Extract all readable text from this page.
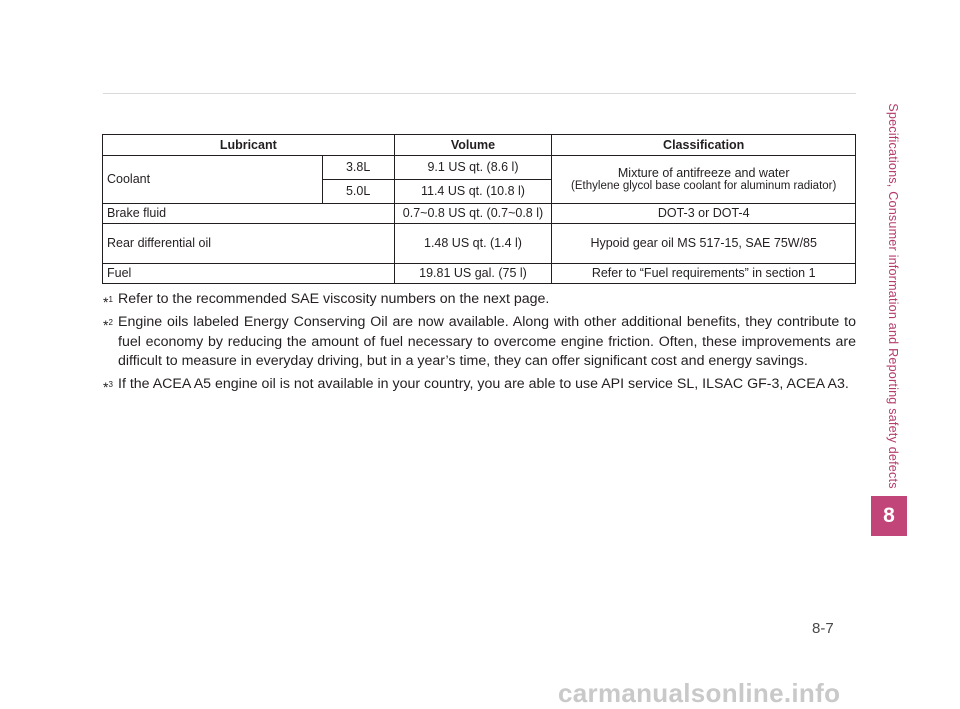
Lubricant		Volume	Classification
Coolant	3.8L	9.1 US qt. (8.6 l)	Mixture of antifreeze and water
(Ethylene glycol base coolant for aluminum radiator)

	5.0L	11.4 US qt. (10.8 l)	
Brake fluid		0.7~0.8 US qt. (0.7~0.8 l)	DOT-3 or DOT-4
Rear differential oil		1.48 US qt. (1.4 l)	Hypoid gear oil MS 517-15, SAE 75W/85
Fuel		19.81 US gal. (75 l)	Refer to “Fuel requirements” in section 1
*$^1$ Refer to the recommended SAE viscosity numbers on the next page.
*$^2$ Engine oils labeled Energy Conserving Oil are now available. Along with other additional benefits, they contribute to fuel economy by reducing the amount of fuel necessary to overcome engine friction. Often, these improvements are difficult to measure in everyday driving, but in a year’s time, they can offer significant cost and energy savings.
*$^3$ If the ACEA A5 engine oil is not available in your country, you are able to use API service SL, ILSAC GF-3, ACEA A3.	Specifications, Consumer information and Reporting safety defects
8
8-7
carmanualsonline.info
